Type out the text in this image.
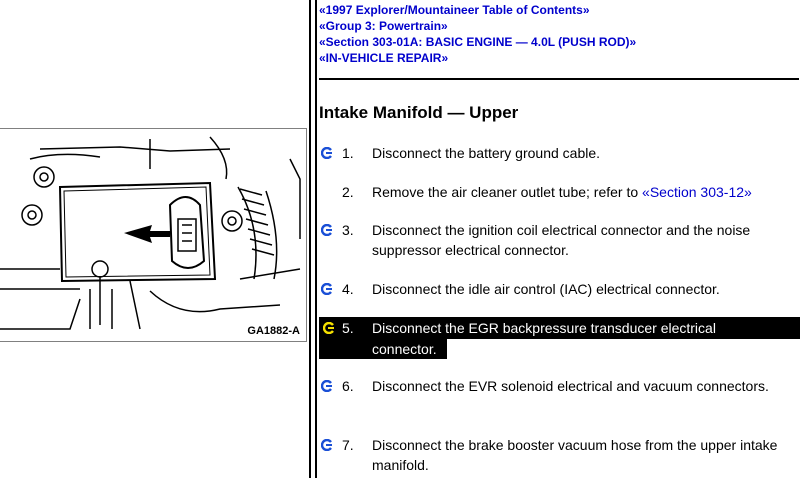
GA1882-A
«1997 Explorer/Mountaineer Table of Contents»
«Group 3: Powertrain»
«Section 303-01A: BASIC ENGINE — 4.0L (PUSH ROD)»
«IN-VEHICLE REPAIR»
Intake Manifold — Upper
1. Disconnect the battery ground cable.
2. Remove the air cleaner outlet tube; refer to «Section 303-12»
3. Disconnect the ignition coil electrical connector and the noise suppressor electrical connector.
4. Disconnect the idle air control (IAC) electrical connector.
5. Disconnect the EGR backpressure transducer electrical
connector.
6. Disconnect the EVR solenoid electrical and vacuum connectors.
7. Disconnect the brake booster vacuum hose from the upper intake manifold.
